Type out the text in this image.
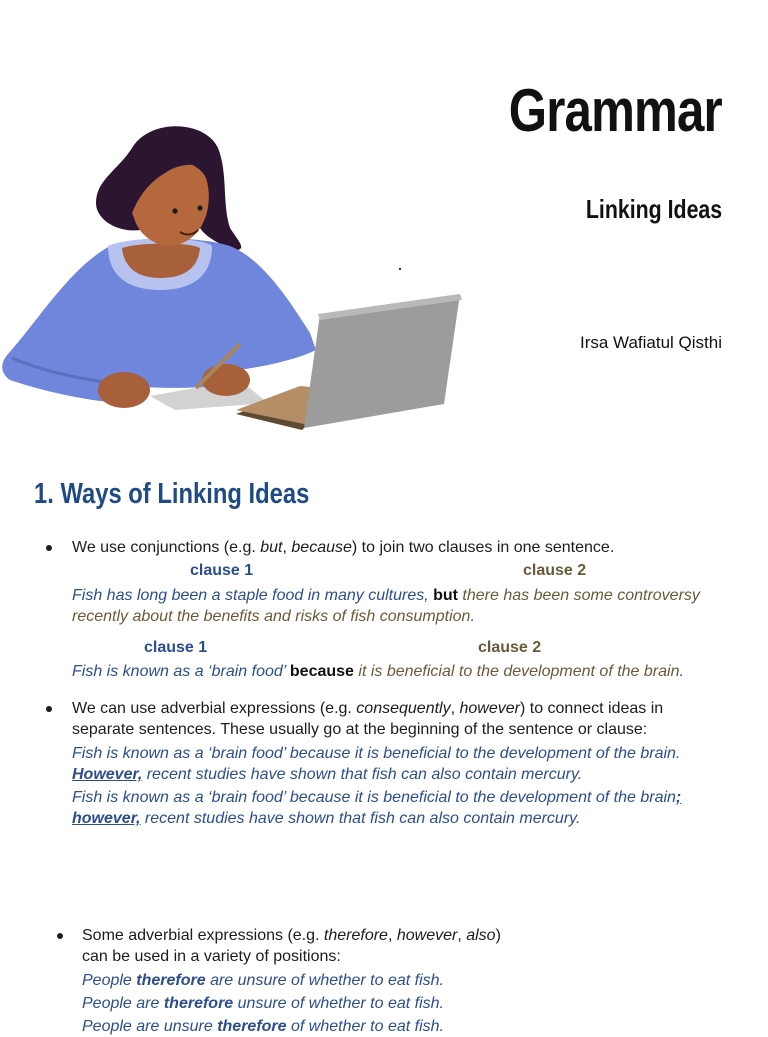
Grammar
Linking Ideas
Irsa Wafiatul Qisthi
1. Ways of Linking Ideas
We use conjunctions (e.g. but, because) to join two clauses in one sentence.
clause 1	clause 2
Fish has long been a staple food in many cultures, but there has been some controversy
recently about the benefits and risks of fish consumption.
clause 1	clause 2
Fish is known as a ‘brain food’ because it is beneficial to the development of the brain.
We can use adverbial expressions (e.g. consequently, however) to connect ideas in
separate sentences. These usually go at the beginning of the sentence or clause:
Fish is known as a ‘brain food’ because it is beneficial to the development of the brain.
However, recent studies have shown that fish can also contain mercury.
Fish is known as a ‘brain food’ because it is beneficial to the development of the brain;
however, recent studies have shown that fish can also contain mercury.
Some adverbial expressions (e.g. therefore, however, also)
can be used in a variety of positions:
People therefore are unsure of whether to eat fish.
People are therefore unsure of whether to eat fish.
People are unsure therefore of whether to eat fish.
